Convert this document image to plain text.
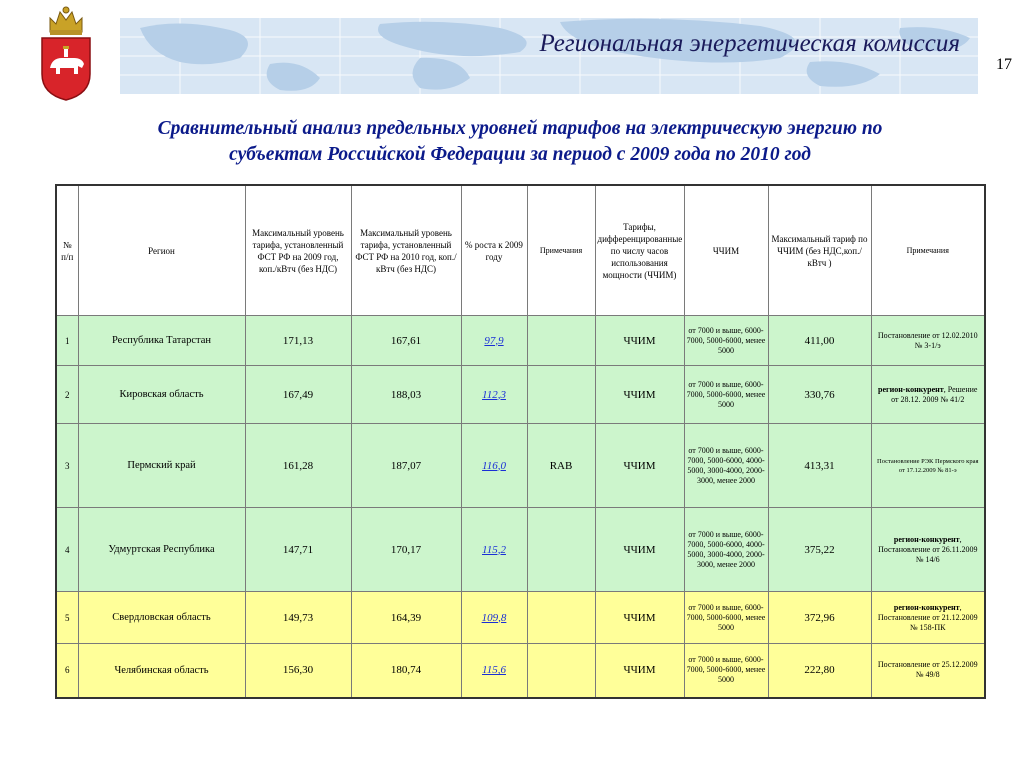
Региональная энергетическая комиссия
17
Сравнительный анализ предельных уровней тарифов на электрическую энергию по
субъектам Российской Федерации за период с 2009 года по 2010 год
№ п/п	Регион	Максимальный уровень тарифа, установленный ФСТ РФ на 2009 год, коп./кВтч (без НДС)	Максимальный уровень тарифа, установленный ФСТ РФ на 2010 год, коп./кВтч (без НДС)	% роста к 2009 году	Примечания	Тарифы, дифференцированные по числу часов использования мощности (ЧЧИМ)	ЧЧИМ	Максимальный тариф по ЧЧИМ (без НДС,коп./кВтч )	Примечания
1	Республика Татарстан	171,13	167,61	97,9		ЧЧИМ	от 7000 и выше, 6000-7000, 5000-6000, менее 5000	411,00	Постановление от 12.02.2010 № 3-1/э
2	Кировская область	167,49	188,03	112,3		ЧЧИМ	от 7000 и выше, 6000-7000, 5000-6000, менее 5000	330,76	регион-конкурент, Решение от 28.12. 2009 № 41/2
3	Пермский край	161,28	187,07	116,0	RAB	ЧЧИМ	от 7000 и выше, 6000-7000, 5000-6000, 4000-5000, 3000-4000, 2000-3000, менее 2000	413,31	Постановление РЭК Пермского края от 17.12.2009 № 81-э
4	Удмуртская Республика	147,71	170,17	115,2		ЧЧИМ	от 7000 и выше, 6000-7000, 5000-6000, 4000-5000, 3000-4000, 2000-3000, менее 2000	375,22	регион-конкурент, Постановление от 26.11.2009 № 14/6
5	Свердловская область	149,73	164,39	109,8		ЧЧИМ	от 7000 и выше, 6000-7000, 5000-6000, менее 5000	372,96	регион-конкурент, Постановление от 21.12.2009 № 158-ПК
6	Челябинская область	156,30	180,74	115,6		ЧЧИМ	от 7000 и выше, 6000-7000, 5000-6000, менее 5000	222,80	Постановление от 25.12.2009 № 49/8
